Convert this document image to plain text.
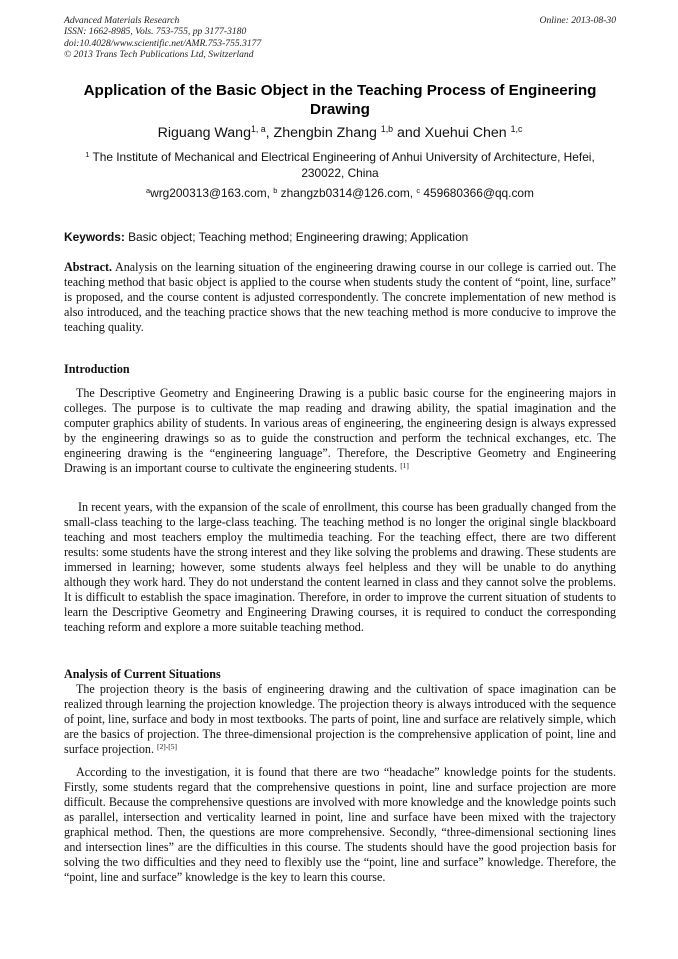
Advanced Materials Research
ISSN: 1662-8985, Vols. 753-755, pp 3177-3180
doi:10.4028/www.scientific.net/AMR.753-755.3177
© 2013 Trans Tech Publications Ltd, Switzerland
Online: 2013-08-30
Application of the Basic Object in the Teaching Process of Engineering Drawing
Riguang Wang$^{1, a}$, Zhengbin Zhang $^{1,b}$ and Xuehui Chen $^{1,c}$
$^1$ The Institute of Mechanical and Electrical Engineering of Anhui University of Architecture, Hefei, 230022, China
$^a$wrg200313@163.com, $^b$ zhangzb0314@126.com, $^c$ 459680366@qq.com
Keywords: Basic object; Teaching method; Engineering drawing; Application
Abstract. Analysis on the learning situation of the engineering drawing course in our college is carried out. The teaching method that basic object is applied to the course when students study the content of “point, line, surface” is proposed, and the course content is adjusted correspondently. The concrete implementation of new method is also introduced, and the teaching practice shows that the new teaching method is more conducive to improve the teaching quality.
Introduction
The Descriptive Geometry and Engineering Drawing is a public basic course for the engineering majors in colleges. The purpose is to cultivate the map reading and drawing ability, the spatial imagination and the computer graphics ability of students. In various areas of engineering, the engineering design is always expressed by the engineering drawings so as to guide the construction and perform the technical exchanges, etc. The engineering drawing is the “engineering language”. Therefore, the Descriptive Geometry and Engineering Drawing is an important course to cultivate the engineering students. [1]
In recent years, with the expansion of the scale of enrollment, this course has been gradually changed from the small-class teaching to the large-class teaching. The teaching method is no longer the original single blackboard teaching and most teachers employ the multimedia teaching. For the teaching effect, there are two different results: some students have the strong interest and they like solving the problems and drawing. These students are immersed in learning; however, some students always feel helpless and they will be unable to do anything although they work hard. They do not understand the content learned in class and they cannot solve the problems. It is difficult to establish the space imagination. Therefore, in order to improve the current situation of students to learn the Descriptive Geometry and Engineering Drawing courses, it is required to conduct the corresponding teaching reform and explore a more suitable teaching method.
Analysis of Current Situations
The projection theory is the basis of engineering drawing and the cultivation of space imagination can be realized through learning the projection knowledge. The projection theory is always introduced with the sequence of point, line, surface and body in most textbooks. The parts of point, line and surface are relatively simple, which are the basics of projection. The three-dimensional projection is the comprehensive application of point, line and surface projection. [2]-[5]
According to the investigation, it is found that there are two “headache” knowledge points for the students. Firstly, some students regard that the comprehensive questions in point, line and surface projection are more difficult. Because the comprehensive questions are involved with more knowledge and the knowledge points such as parallel, intersection and verticality learned in point, line and surface have been mixed with the trajectory graphical method. Then, the questions are more comprehensive. Secondly, “three-dimensional sectioning lines and intersection lines” are the difficulties in this course. The students should have the good projection basis for solving the two difficulties and they need to flexibly use the “point, line and surface” knowledge. Therefore, the “point, line and surface” knowledge is the key to learn this course.
